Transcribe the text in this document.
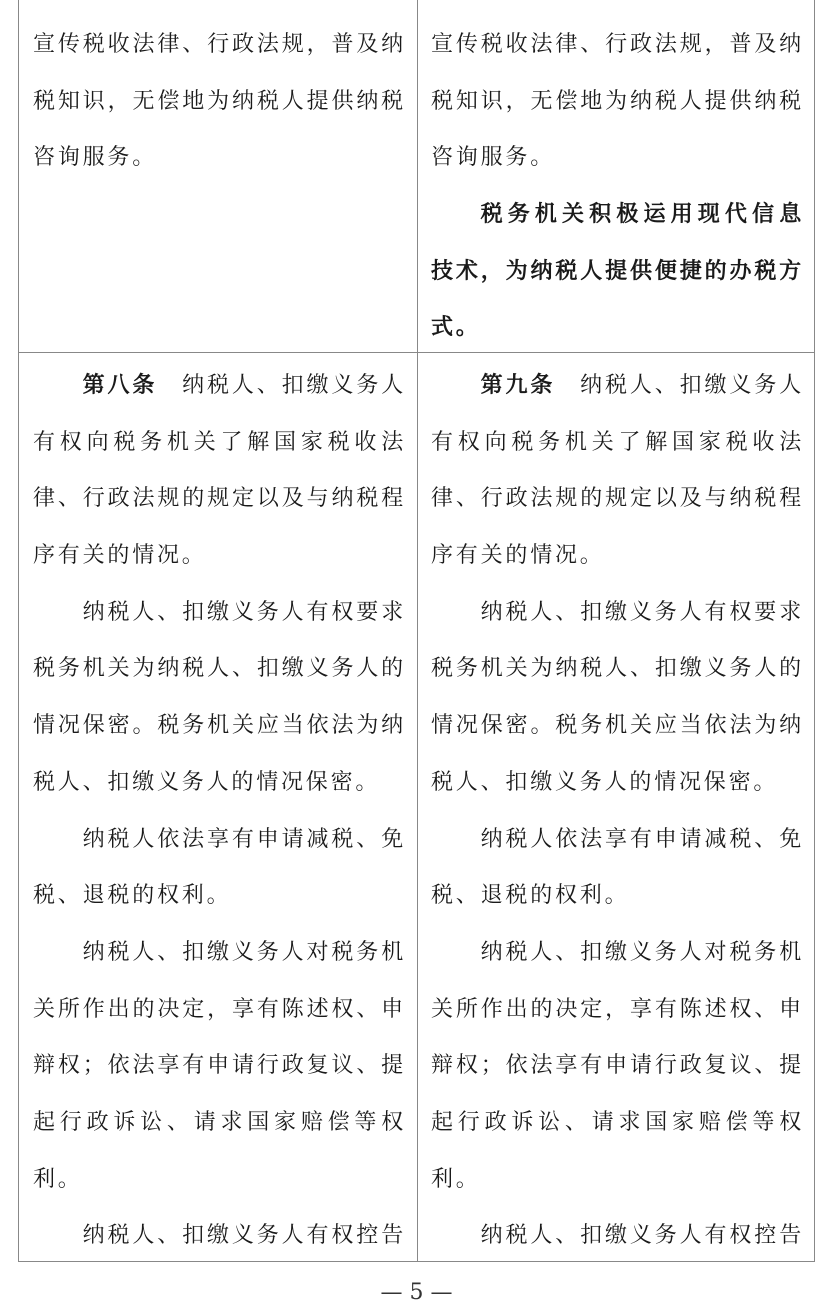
宣传税收法律、行政法规，普及纳
税知识，无偿地为纳税人提供纳税
咨询服务。
宣传税收法律、行政法规，普及纳
税知识，无偿地为纳税人提供纳税
咨询服务。
税务机关积极运用现代信息
技术，为纳税人提供便捷的办税方
式。
第八条　 纳税人、扣缴义务人
有权向税务机关了解国家税收法
律、行政法规的规定以及与纳税程
序有关的情况。
纳税人、扣缴义务人有权要求
税务机关为纳税人、扣缴义务人的
情况保密。税务机关应当依法为纳
税人、扣缴义务人的情况保密。
纳税人依法享有申请减税、免
税、退税的权利。
纳税人、扣缴义务人对税务机
关所作出的决定，享有陈述权、申
辩权；依法享有申请行政复议、提
起行政诉讼、请求国家赔偿等权
利。
纳税人、扣缴义务人有权控告
第九条　 纳税人、扣缴义务人
有权向税务机关了解国家税收法
律、行政法规的规定以及与纳税程
序有关的情况。
纳税人、扣缴义务人有权要求
税务机关为纳税人、扣缴义务人的
情况保密。税务机关应当依法为纳
税人、扣缴义务人的情况保密。
纳税人依法享有申请减税、免
税、退税的权利。
纳税人、扣缴义务人对税务机
关所作出的决定，享有陈述权、申
辩权；依法享有申请行政复议、提
起行政诉讼、请求国家赔偿等权
利。
纳税人、扣缴义务人有权控告
— 5 —
